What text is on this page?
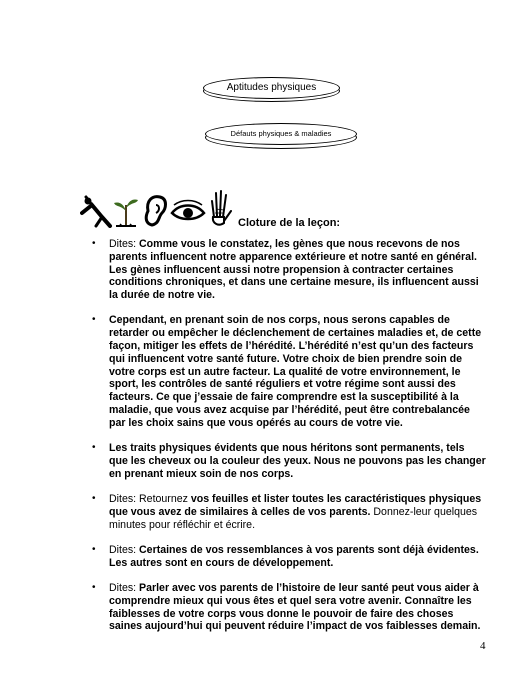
Aptitudes physiques
Défauts physiques & maladies
Cloture de la leçon:
• Dites: Comme vous le constatez, les gènes que nous recevons de nos parents influencent notre apparence extérieure et notre santé en général. Les gènes influencent aussi notre propension à contracter certaines conditions chroniques, et dans une certaine mesure, ils influencent aussi la durée de notre vie.
• Cependant, en prenant soin de nos corps, nous serons capables de retarder ou empêcher le déclenchement de certaines maladies et, de cette façon, mitiger les effets de l’hérédité. L’hérédité n’est qu’un des facteurs qui influencent votre santé future. Votre choix de bien prendre soin de votre corps est un autre facteur. La qualité de votre environnement, le sport, les contrôles de santé réguliers et votre régime sont aussi des facteurs. Ce que j’essaie de faire comprendre est la susceptibilité à la maladie, que vous avez acquise par l’hérédité, peut être contrebalancée par les choix sains que vous opérés au cours de votre vie.
• Les traits physiques évidents que nous héritons sont permanents, tels que les cheveux ou la couleur des yeux. Nous ne pouvons pas les changer en prenant mieux soin de nos corps.
• Dites: Retournez vos feuilles et lister toutes les caractéristiques physiques que vous avez de similaires à celles de vos parents. Donnez-leur quelques minutes pour réfléchir et écrire.
• Dites: Certaines de vos ressemblances à vos parents sont déjà évidentes. Les autres sont en cours de développement.
• Dites: Parler avec vos parents de l’histoire de leur santé peut vous aider à comprendre mieux qui vous êtes et quel sera votre avenir. Connaître les faiblesses de votre corps vous donne le pouvoir de faire des choses saines aujourd’hui qui peuvent réduire l’impact de vos faiblesses demain.
4
